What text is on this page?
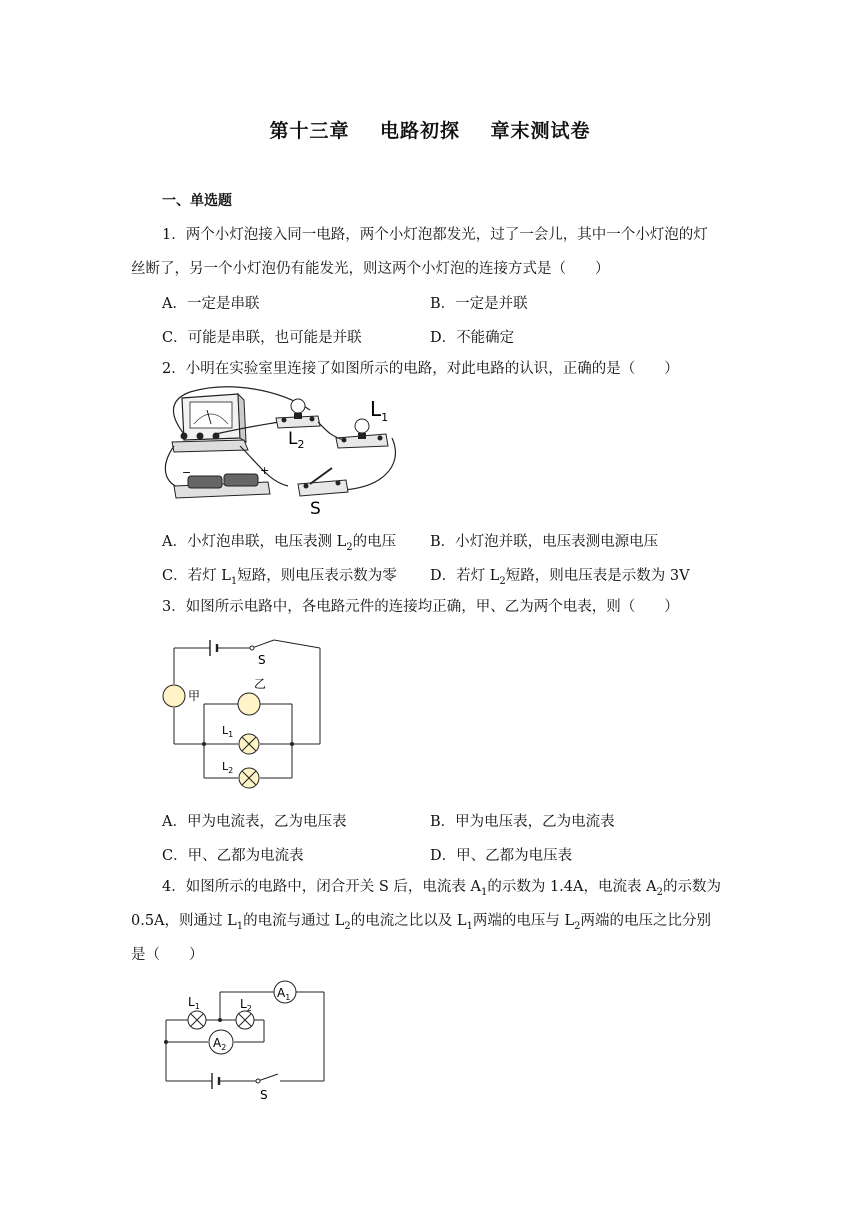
第十三章    电路初探    章末测试卷
一、单选题
1．两个小灯泡接入同一电路，两个小灯泡都发光，过了一会儿，其中一个小灯泡的灯
丝断了，另一个小灯泡仍有能发光，则这两个小灯泡的连接方式是（　　）
A．一定是串联	B．一定是并联
C．可能是串联，也可能是并联	D．不能确定
2．小明在实验室里连接了如图所示的电路，对此电路的认识，正确的是（　　）
$L_2$
$L_1$
−	+
S
A．小灯泡串联，电压表测 $L_2$的电压 B．小灯泡并联，电压表测电源电压
C．若灯 $L_1$短路，则电压表示数为零 D．若灯 $L_2$短路，则电压表是示数为 3V
3．如图所示电路中，各电路元件的连接均正确，甲、乙为两个电表，则（　　）
S
甲
乙
$L_1$
$L_2$
A．甲为电流表，乙为电压表	B．甲为电压表，乙为电流表
C．甲、乙都为电流表	D．甲、乙都为电压表
4．如图所示的电路中，闭合开关 S 后，电流表 $A_1$的示数为 1.4A，电流表 $A_2$的示数为
0.5A，则通过 $L_1$的电流与通过 $L_2$的电流之比以及 $L_1$两端的电压与 $L_2$两端的电压之比分别
是（　　）
$A_1$
$L_1$	$L_2$
$A_2$
S
